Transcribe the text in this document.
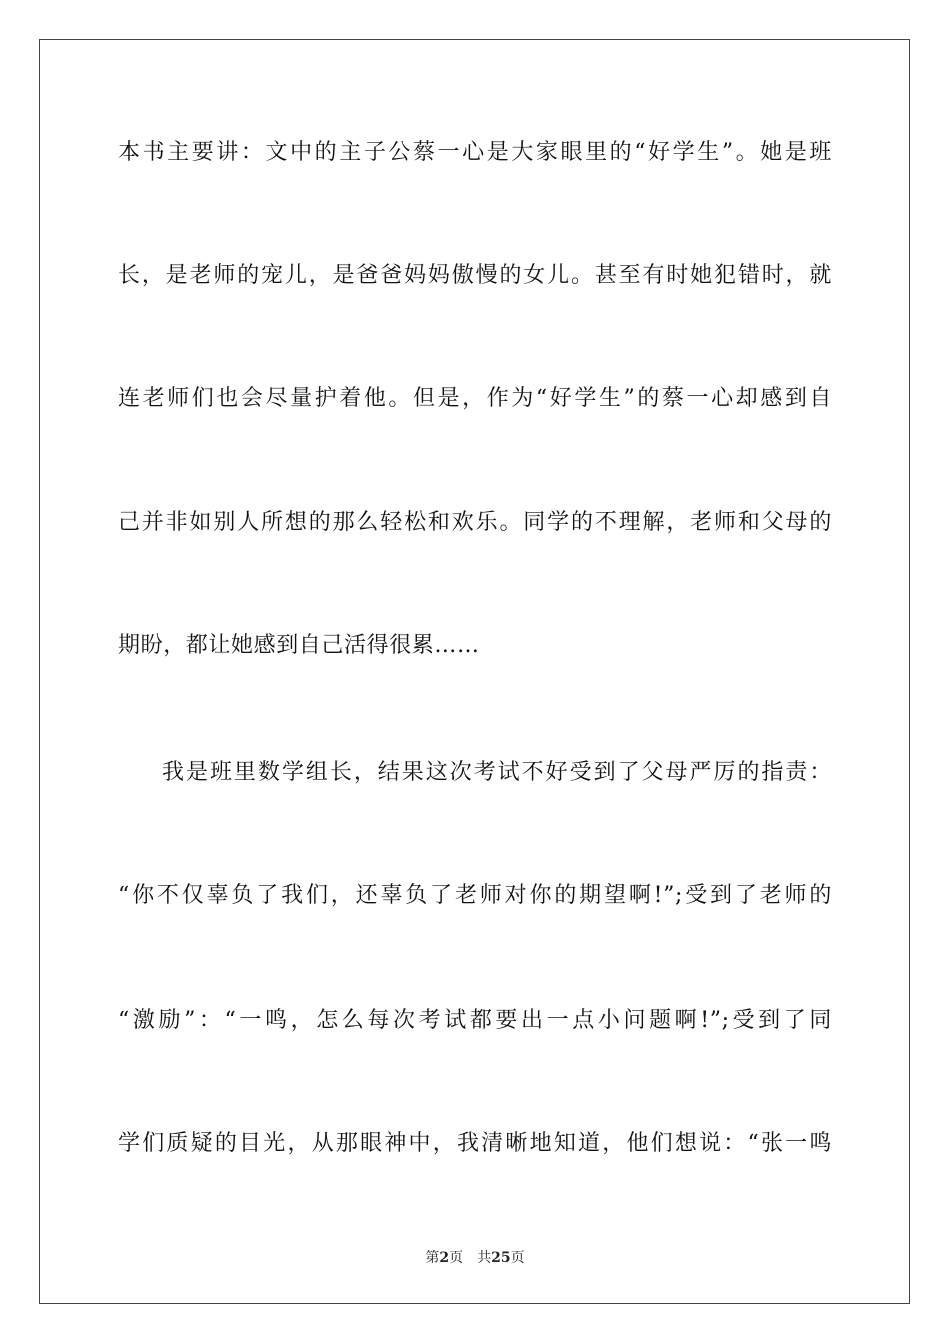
本书主要讲：文中的主子公蔡一心是大家眼里的“好学生”。她是班
长，是老师的宠儿，是爸爸妈妈傲慢的女儿。甚至有时她犯错时，就
连老师们也会尽量护着他。但是，作为“好学生”的蔡一心却感到自
己并非如别人所想的那么轻松和欢乐。同学的不理解，老师和父母的
期盼，都让她感到自己活得很累……
我是班里数学组长，结果这次考试不好受到了父母严厉的指责：
“你不仅辜负了我们，还辜负了老师对你的期望啊!”;受到了老师的
“激励”：“一鸣，怎么每次考试都要出一点小问题啊!”;受到了同
学们质疑的目光，从那眼神中，我清晰地知道，他们想说：“张一鸣
第2页 共25页
